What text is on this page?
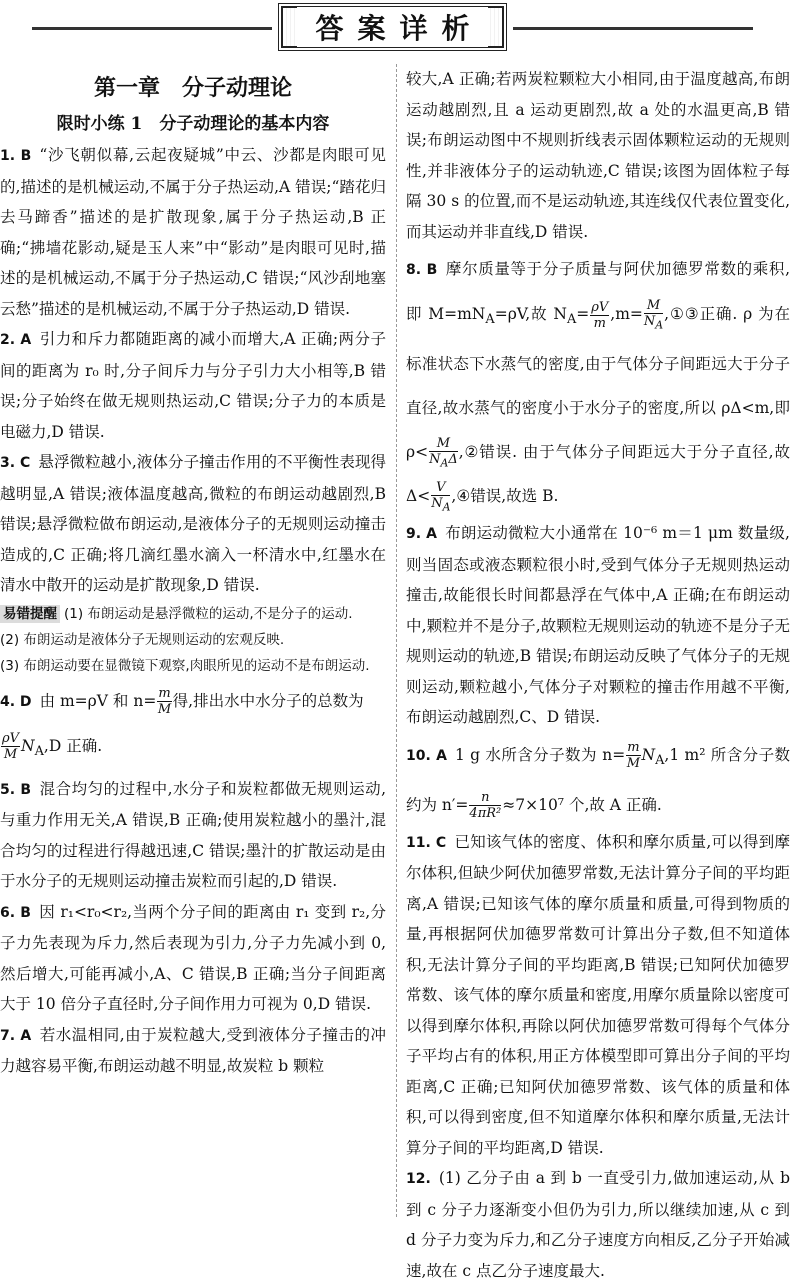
答案详析
第一章　分子动理论
限时小练 1　分子动理论的基本内容

1. B “沙飞朝似幕,云起夜疑城”中云、沙都是肉眼可见的,描述的是机械运动,不属于分子热运动,A 错误;“踏花归去马蹄香”描述的是扩散现象,属于分子热运动,B 正确;“拂墙花影动,疑是玉人来”中“影动”是肉眼可见时,描述的是机械运动,不属于分子热运动,C 错误;“风沙刮地塞云愁”描述的是机械运动,不属于分子热运动,D 错误.

2. A 引力和斥力都随距离的减小而增大,A 正确;两分子间的距离为 r₀ 时,分子间斥力与分子引力大小相等,B 错误;分子始终在做无规则热运动,C 错误;分子力的本质是电磁力,D 错误.

3. C 悬浮微粒越小,液体分子撞击作用的不平衡性表现得越明显,A 错误;液体温度越高,微粒的布朗运动越剧烈,B 错误;悬浮微粒做布朗运动,是液体分子的无规则运动撞击造成的,C 正确;将几滴红墨水滴入一杯清水中,红墨水在清水中散开的运动是扩散现象,D 错误.

易错提醒 (1) 布朗运动是悬浮微粒的运动,不是分子的运动.

(2) 布朗运动是液体分子无规则运动的宏观反映.

(3) 布朗运动要在显微镜下观察,肉眼所见的运动不是布朗运动.

4. D 由 m=ρV 和 $n= \frac{m}{M}$ 得,排出水中水分子的总数为

$\frac{\rho V}{M} N_A,D$ 正确.

5. B 混合均匀的过程中,水分子和炭粒都做无规则运动,与重力作用无关,A 错误,B 正确;使用炭粒越小的墨汁,混合均匀的过程进行得越迅速,C 错误;墨汁的扩散运动是由于水分子的无规则运动撞击炭粒而引起的,D 错误.

6. B 因 r₁<r₀<r₂,当两个分子间的距离由 r₁ 变到 r₂,分子力先表现为斥力,然后表现为引力,分子力先减小到 0,然后增大,可能再减小,A、C 错误,B 正确;当分子间距离大于 10 倍分子直径时,分子间作用力可视为 0,D 错误.

7. A 若水温相同,由于炭粒越大,受到液体分子撞击的冲力越容易平衡,布朗运动越不明显,故炭粒 b 颗粒

较大,A 正确;若两炭粒颗粒大小相同,由于温度越高,布朗运动越剧烈,且 a 运动更剧烈,故 a 处的水温更高,B 错误;布朗运动图中不规则折线表示固体颗粒运动的无规则性,并非液体分子的运动轨迹,C 错误;该图为固体粒子每隔 30 s 的位置,而不是运动轨迹,其连线仅代表位置变化,而其运动并非直线,D 错误.

8. B 摩尔质量等于分子质量与阿伏加德罗常数的乘积,即 $M=mN_A=\rho V$,故 $N_A= \frac{\rho V}{m} ,m= \frac{M}{N_A}$ ,①③正确. ρ 为在标准状态下水蒸气的密度,由于气体分子间距远大于分子直径,故水蒸气的密度小于水分子的密度,所以 ρΔ<m,即 $\rho< \frac{M}{N_A\Delta}$ ,②错误. 由于气体分子间距远大于分子直径,故 $\Delta< \frac{V}{N_A}$ ,④错误,故选 B.

9. A 布朗运动微粒大小通常在 10⁻⁶ m＝1 μm 数量级,则当固态或液态颗粒很小时,受到气体分子无规则热运动撞击,故能很长时间都悬浮在气体中,A 正确;在布朗运动中,颗粒并不是分子,故颗粒无规则运动的轨迹不是分子无规则运动的轨迹,B 错误;布朗运动反映了气体分子的无规则运动,颗粒越小,气体分子对颗粒的撞击作用越不平衡,布朗运动越剧烈,C、D 错误.

10. A 1 g 水所含分子数为 $n= \frac{m}{M} N_A,1$ m² 所含分子数约为 $n'= \frac{n}{\text{4πR²}} \approx 7\times 10^7$ 个,故 A 正确.

11. C 已知该气体的密度、体积和摩尔质量,可以得到摩尔体积,但缺少阿伏加德罗常数,无法计算分子间的平均距离,A 错误;已知该气体的摩尔质量和质量,可得到物质的量,再根据阿伏加德罗常数可计算出分子数,但不知道体积,无法计算分子间的平均距离,B 错误;已知阿伏加德罗常数、该气体的摩尔质量和密度,用摩尔质量除以密度可以得到摩尔体积,再除以阿伏加德罗常数可得每个气体分子平均占有的体积,用正方体模型即可算出分子间的平均距离,C 正确;已知阿伏加德罗常数、该气体的质量和体积,可以得到密度,但不知道摩尔体积和摩尔质量,无法计算分子间的平均距离,D 错误.

12. (1) 乙分子由 a 到 b 一直受引力,做加速运动,从 b 到 c 分子力逐渐变小但仍为引力,所以继续加速,从 c 到 d 分子力变为斥力,和乙分子速度方向相反,乙分子开始减速,故在 c 点乙分子速度最大.
